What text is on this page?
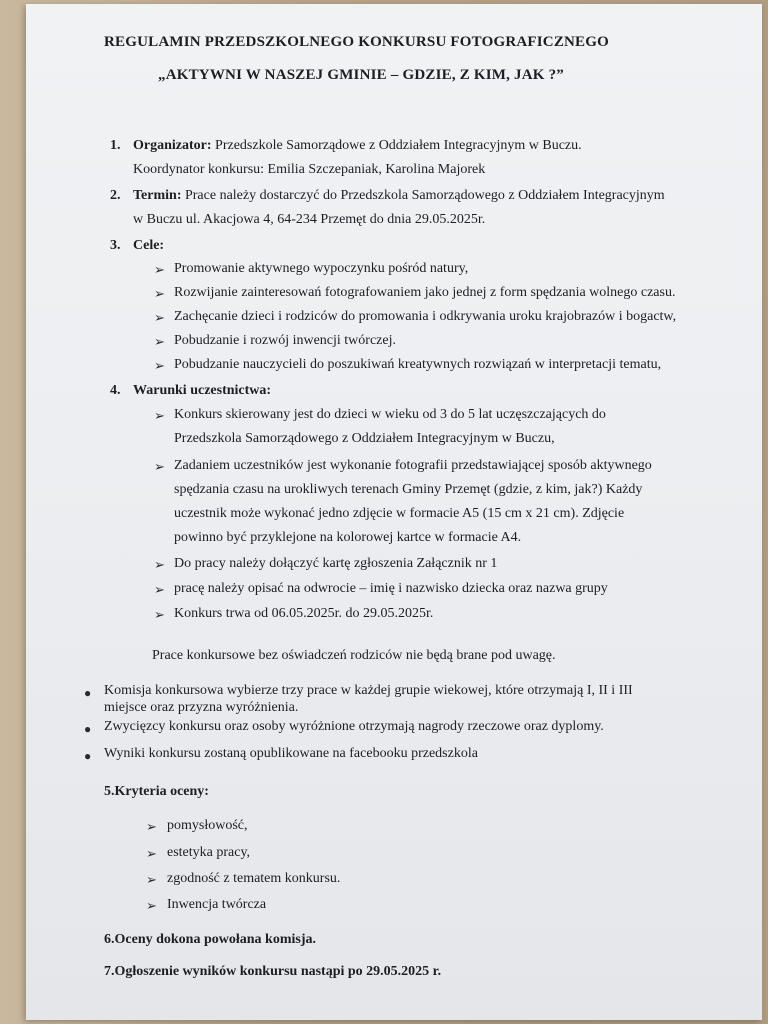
REGULAMIN PRZEDSZKOLNEGO KONKURSU FOTOGRAFICZNEGO
„AKTYWNI W NASZEJ GMINIE – GDZIE, Z KIM, JAK ?”
1. Organizator: Przedszkole Samorządowe z Oddziałem Integracyjnym w Buczu.
Koordynator konkursu: Emilia Szczepaniak, Karolina Majorek
2. Termin: Prace należy dostarczyć do Przedszkola Samorządowego z Oddziałem Integracyjnym
w Buczu ul. Akacjowa 4, 64-234 Przemęt do dnia 29.05.2025r.
3. Cele:
➢ Promowanie aktywnego wypoczynku pośród natury,
➢ Rozwijanie zainteresowań fotografowaniem jako jednej z form spędzania wolnego czasu.
➢ Zachęcanie dzieci i rodziców do promowania i odkrywania uroku krajobrazów i bogactw,
➢ Pobudzanie i rozwój inwencji twórczej.
➢ Pobudzanie nauczycieli do poszukiwań kreatywnych rozwiązań w interpretacji tematu,
4. Warunki uczestnictwa:
➢ Konkurs skierowany jest do dzieci w wieku od 3 do 5 lat uczęszczających do
Przedszkola Samorządowego z Oddziałem Integracyjnym w Buczu,
➢ Zadaniem uczestników jest wykonanie fotografii przedstawiającej sposób aktywnego
spędzania czasu na urokliwych terenach Gminy Przemęt (gdzie, z kim, jak?) Każdy
uczestnik może wykonać jedno zdjęcie w formacie A5 (15 cm x 21 cm). Zdjęcie
powinno być przyklejone na kolorowej kartce w formacie A4.
➢ Do pracy należy dołączyć kartę zgłoszenia Załącznik nr 1
➢ pracę należy opisać na odwrocie – imię i nazwisko dziecka oraz nazwa grupy
➢ Konkurs trwa od 06.05.2025r. do 29.05.2025r.
Prace konkursowe bez oświadczeń rodziców nie będą brane pod uwagę.
● Komisja konkursowa wybierze trzy prace w każdej grupie wiekowej, które otrzymają I, II i III
miejsce oraz przyzna wyróżnienia.
● Zwycięzcy konkursu oraz osoby wyróżnione otrzymają nagrody rzeczowe oraz dyplomy.
● Wyniki konkursu zostaną opublikowane na facebooku przedszkola
5.Kryteria oceny:
➢ pomysłowość,
➢ estetyka pracy,
➢ zgodność z tematem konkursu.
➢ Inwencja twórcza
6.Oceny dokona powołana komisja.
7.Ogłoszenie wyników konkursu nastąpi po 29.05.2025 r.
